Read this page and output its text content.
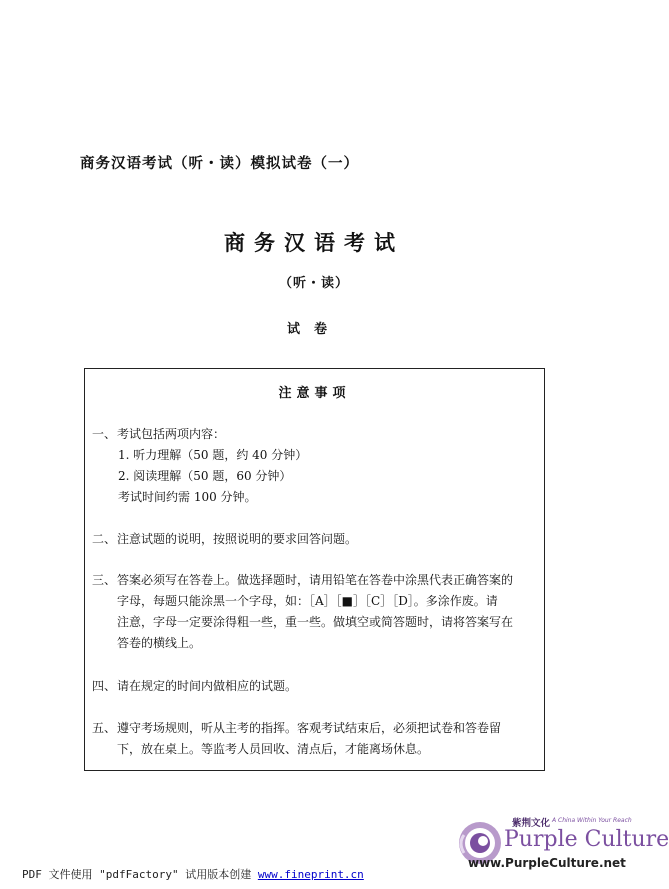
商务汉语考试（听・读）模拟试卷（一）
商务汉语考试
（听・读）
试卷
注意事项
一、 考试包括两项内容：

1. 听力理解（50 题，约 40 分钟）
2. 阅读理解（50 题，60 分钟）
考试时间约需 100 分钟。
二、 注意试题的说明，按照说明的要求回答问题。

三、 答案必须写在答卷上。做选择题时，请用铅笔在答卷中涂黑代表正确答案的

字母，每题只能涂黑一个字母，如：［A］［■］［C］［D］。多涂作废。请

注意，字母一定要涂得粗一些，重一些。做填空或简答题时，请将答案写在

答卷的横线上。

四、 请在规定的时间内做相应的试题。

五、 遵守考场规则，听从主考的指挥。客观考试结束后，必须把试卷和答卷留

下，放在桌上。等监考人员回收、清点后，才能离场休息。

紫荆文化 A China Within Your Reach
Purple Culture
www.PurpleCulture.net
PDF 文件使用 "pdfFactory" 试用版本创建 www.fineprint.cn
